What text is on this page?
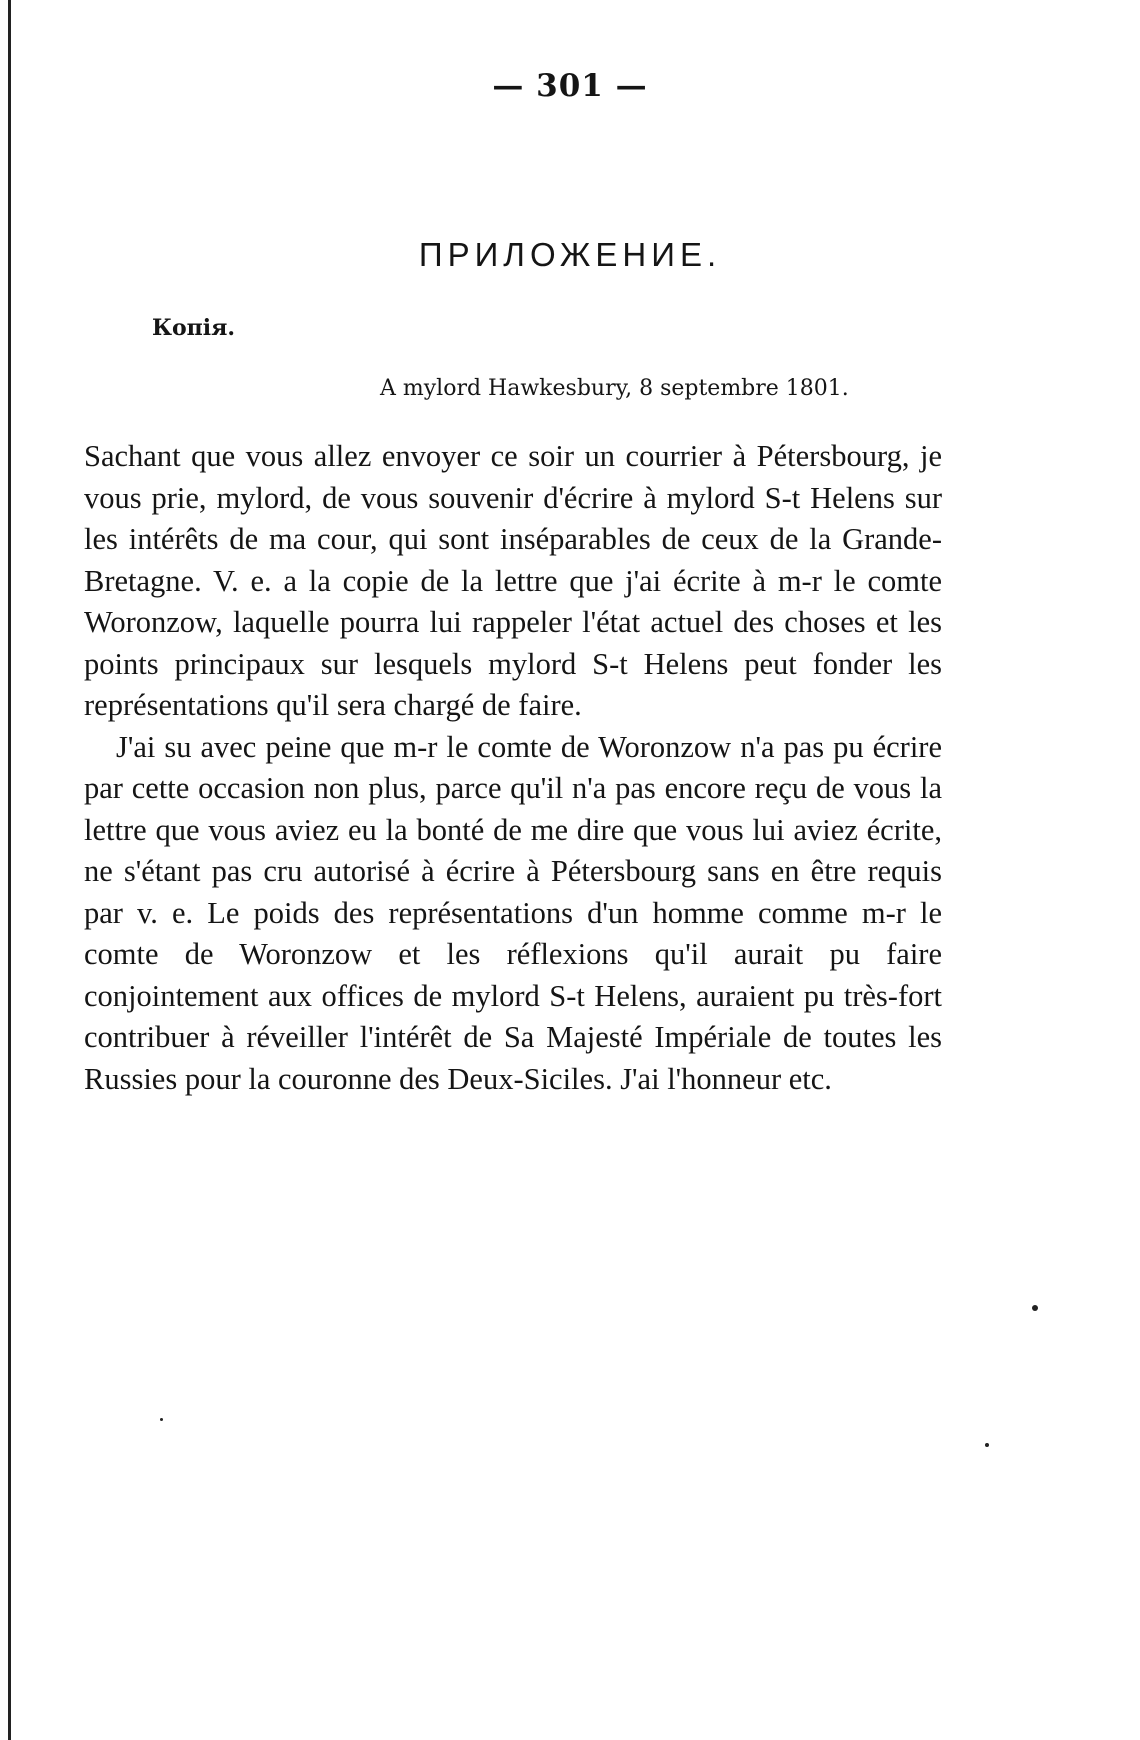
— 301 —
ПРИЛОЖЕНИЕ.
Копія.
A mylord Hawkesbury, 8 septembre 1801.

Sachant que vous allez envoyer ce soir un courrier à Pétersbourg, je vous prie, mylord, de vous souvenir d'écrire à mylord S-t Helens sur les intérêts de ma cour, qui sont inséparables de ceux de la Grande-Bretagne. V. e. a la copie de la lettre que j'ai écrite à m-r le comte Woronzow, laquelle pourra lui rappeler l'état actuel des choses et les points principaux sur lesquels mylord S-t Helens peut fonder les représentations qu'il sera chargé de faire.

J'ai su avec peine que m-r le comte de Woronzow n'a pas pu écrire par cette occasion non plus, parce qu'il n'a pas encore reçu de vous la lettre que vous aviez eu la bonté de me dire que vous lui aviez écrite, ne s'étant pas cru autorisé à écrire à Pétersbourg sans en être requis par v. e. Le poids des représentations d'un homme comme m-r le comte de Woronzow et les réflexions qu'il aurait pu faire conjointement aux offices de mylord S-t Helens, auraient pu très-fort contribuer à réveiller l'intérêt de Sa Majesté Impériale de toutes les Russies pour la couronne des Deux-Siciles. J'ai l'honneur etc.
